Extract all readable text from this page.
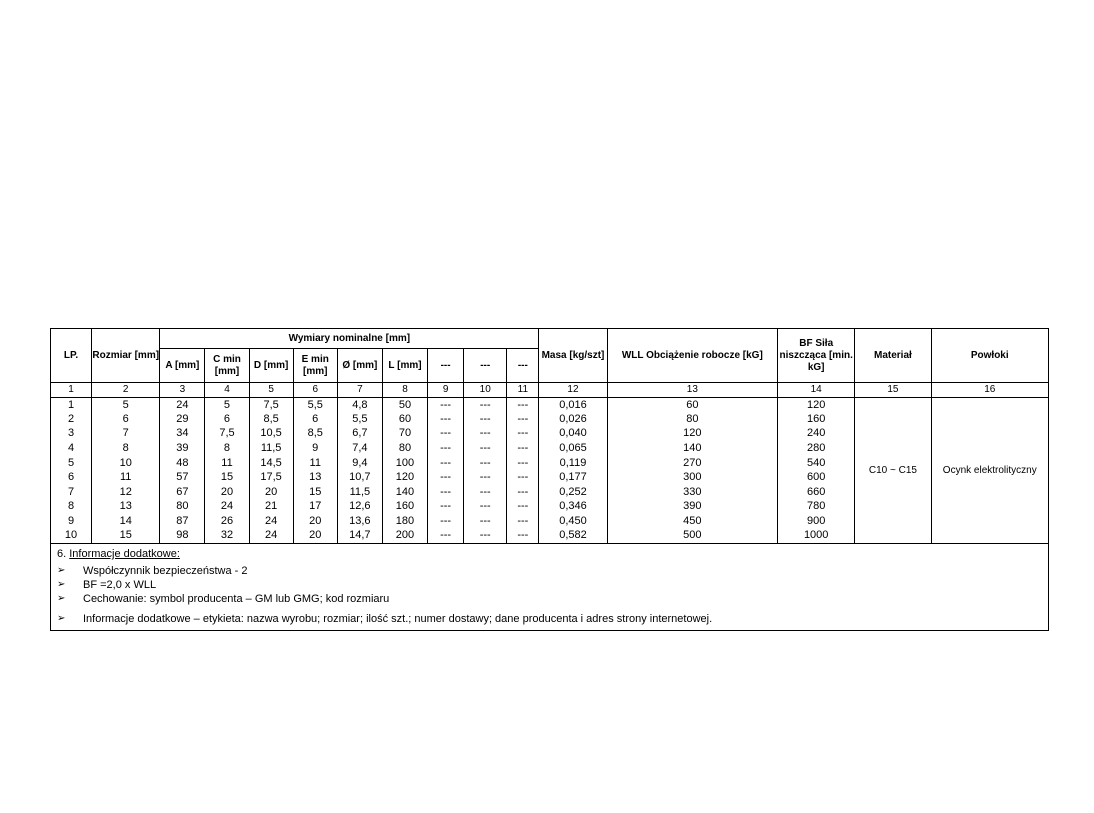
LP.	Rozmiar [mm]	Wymiary nominalne [mm]									Masa [kg/szt]	WLL Obciążenie robocze [kG]	BF Siła niszcząca [min. kG]	Materiał	Powłoki
		A [mm]	C min [mm]	D [mm]	E min [mm]	Ø [mm]	L [mm]	---	---	---					
1	2	3	4	5	6	7	8	9	10	11	12	13	14	15	16
1	5	24	5	7,5	5,5	4,8	50	---	---	---	0,016	60	120	C10 ~ C15	Ocynk elektrolityczny
2	6	29	6	8,5	6	5,5	60	---	---	---	0,026	80	160		
3	7	34	7,5	10,5	8,5	6,7	70	---	---	---	0,040	120	240		
4	8	39	8	11,5	9	7,4	80	---	---	---	0,065	140	280		
5	10	48	11	14,5	11	9,4	100	---	---	---	0,119	270	540		
6	11	57	15	17,5	13	10,7	120	---	---	---	0,177	300	600		
7	12	67	20	20	15	11,5	140	---	---	---	0,252	330	660		
8	13	80	24	21	17	12,6	160	---	---	---	0,346	390	780		
9	14	87	26	24	20	13,6	180	---	---	---	0,450	450	900		
10	15	98	32	24	20	14,7	200	---	---	---	0,582	500	1000		
6. Informacje dodatkowe:
➢	Współczynnik bezpieczeństwa - 2
➢	BF =2,0 x WLL
➢	Cechowanie: symbol producenta – GM lub GMG; kod rozmiaru
➢	Informacje dodatkowe – etykieta: nazwa wyrobu; rozmiar; ilość szt.; numer dostawy; dane producenta i adres strony internetowej.
